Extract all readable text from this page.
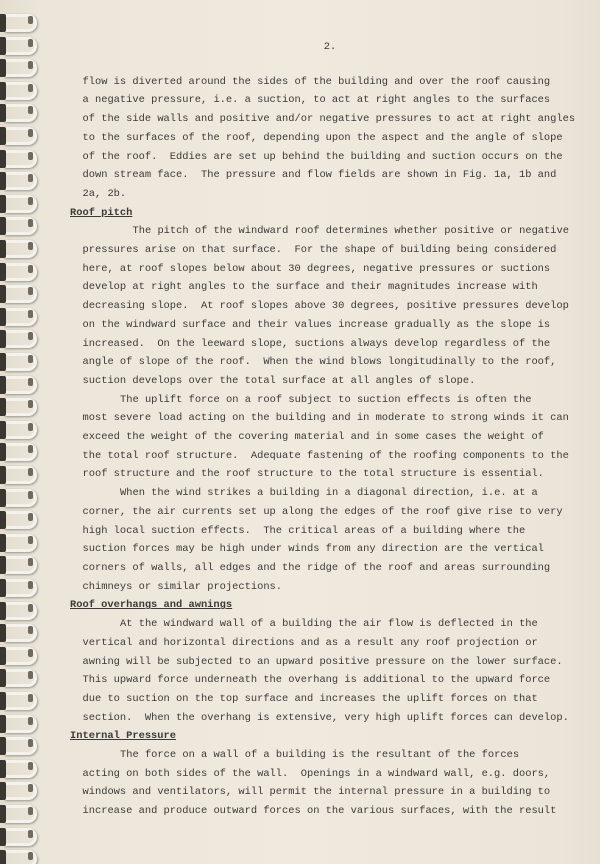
2.
flow is diverted around the sides of the building and over the roof causing
a negative pressure, i.e. a suction, to act at right angles to the surfaces
of the side walls and positive and/or negative pressures to act at right angles
to the surfaces of the roof, depending upon the aspect and the angle of slope
of the roof.  Eddies are set up behind the building and suction occurs on the
down stream face.  The pressure and flow fields are shown in Fig. 1a, 1b and
2a, 2b.
Roof pitch
The pitch of the windward roof determines whether positive or negative
pressures arise on that surface.  For the shape of building being considered
here, at roof slopes below about 30 degrees, negative pressures or suctions
develop at right angles to the surface and their magnitudes increase with
decreasing slope.  At roof slopes above 30 degrees, positive pressures develop
on the windward surface and their values increase gradually as the slope is
increased.  On the leeward slope, suctions always develop regardless of the
angle of slope of the roof.  When the wind blows longitudinally to the roof,
suction develops over the total surface at all angles of slope.
The uplift force on a roof subject to suction effects is often the
most severe load acting on the building and in moderate to strong winds it can
exceed the weight of the covering material and in some cases the weight of
the total roof structure.  Adequate fastening of the roofing components to the
roof structure and the roof structure to the total structure is essential.
When the wind strikes a building in a diagonal direction, i.e. at a
corner, the air currents set up along the edges of the roof give rise to very
high local suction effects.  The critical areas of a building where the
suction forces may be high under winds from any direction are the vertical
corners of walls, all edges and the ridge of the roof and areas surrounding
chimneys or similar projections.
Roof overhangs and awnings
At the windward wall of a building the air flow is deflected in the
vertical and horizontal directions and as a result any roof projection or
awning will be subjected to an upward positive pressure on the lower surface.
This upward force underneath the overhang is additional to the upward force
due to suction on the top surface and increases the uplift forces on that
section.  When the overhang is extensive, very high uplift forces can develop.
Internal Pressure
The force on a wall of a building is the resultant of the forces
acting on both sides of the wall.  Openings in a windward wall, e.g. doors,
windows and ventilators, will permit the internal pressure in a building to
increase and produce outward forces on the various surfaces, with the result
